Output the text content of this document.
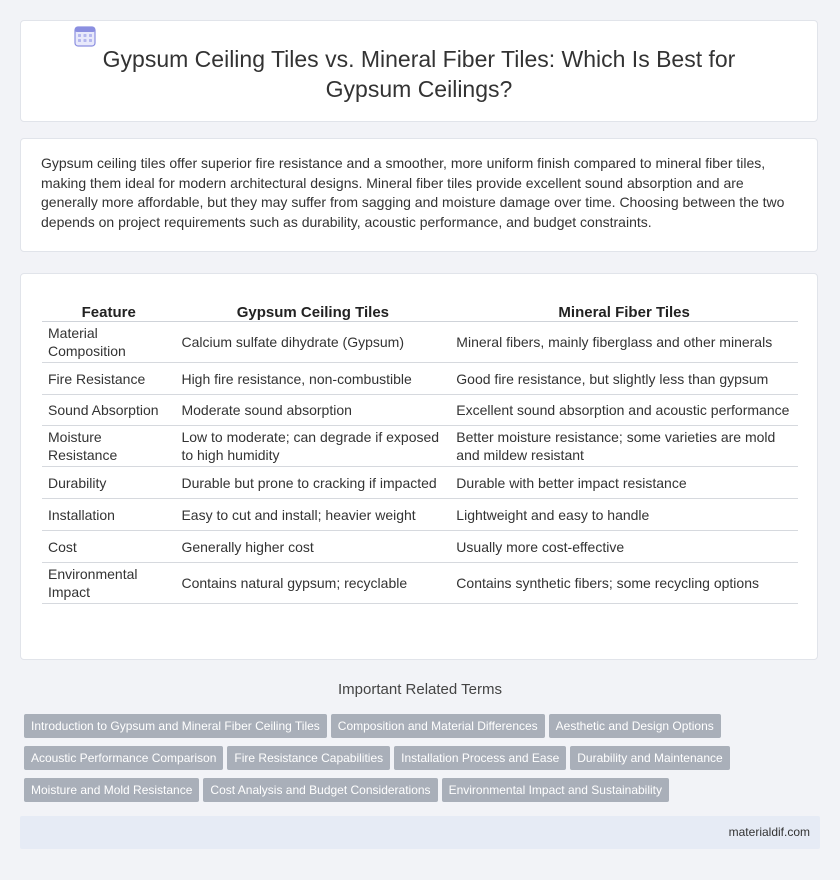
Gypsum Ceiling Tiles vs. Mineral Fiber Tiles: Which Is Best for Gypsum Ceilings?

Gypsum ceiling tiles offer superior fire resistance and a smoother, more uniform finish compared to mineral fiber tiles, making them ideal for modern architectural designs. Mineral fiber tiles provide excellent sound absorption and are generally more affordable, but they may suffer from sagging and moisture damage over time. Choosing between the two depends on project requirements such as durability, acoustic performance, and budget constraints.

Feature	Gypsum Ceiling Tiles	Mineral Fiber Tiles
Material Composition	Calcium sulfate dihydrate (Gypsum)	Mineral fibers, mainly fiberglass and other minerals
Fire Resistance	High fire resistance, non-combustible	Good fire resistance, but slightly less than gypsum
Sound Absorption	Moderate sound absorption	Excellent sound absorption and acoustic performance
Moisture Resistance	Low to moderate; can degrade if exposed to high humidity	Better moisture resistance; some varieties are mold and mildew resistant
Durability	Durable but prone to cracking if impacted	Durable with better impact resistance
Installation	Easy to cut and install; heavier weight	Lightweight and easy to handle
Cost	Generally higher cost	Usually more cost-effective
Environmental Impact	Contains natural gypsum; recyclable	Contains synthetic fibers; some recycling options
Important Related Terms
Introduction to Gypsum and Mineral Fiber Ceiling Tiles Composition and Material Differences Aesthetic and Design Options
Acoustic Performance Comparison Fire Resistance Capabilities Installation Process and Ease Durability and Maintenance
Moisture and Mold Resistance Cost Analysis and Budget Considerations Environmental Impact and Sustainability
materialdif.com
